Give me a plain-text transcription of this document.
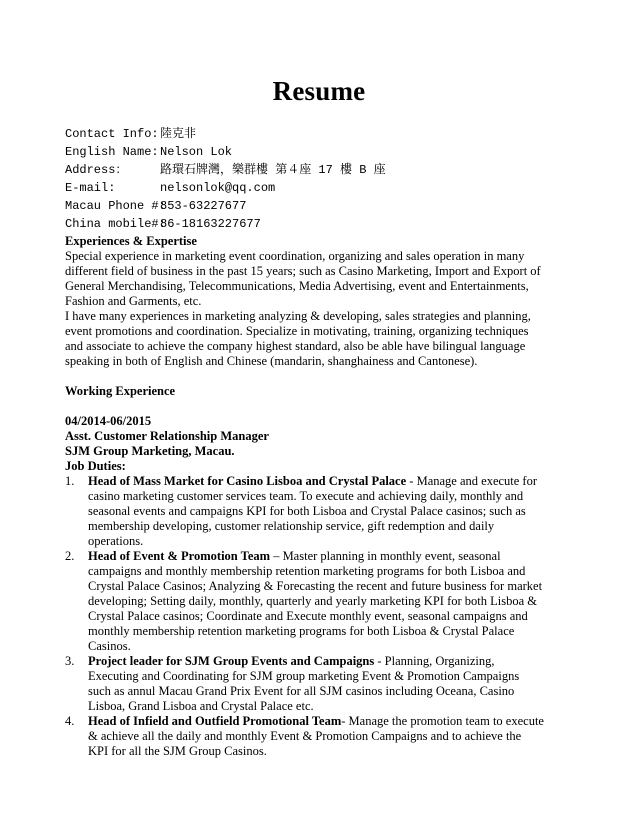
Resume
Contact Info:陸克非
English Name:Nelson Lok
Address：	路環石牌灣，樂群樓 第４座 17 樓 B 座
E-mail:	nelsonlok@qq.com
Macau Phone #:853-63227677
China mobile#:86-18163227677
Experiences & Expertise
Special experience in marketing event coordination, organizing and sales operation in many
different field of business in the past 15 years; such as Casino Marketing, Import and Export of
General Merchandising, Telecommunications, Media Advertising, event and Entertainments,
Fashion and Garments, etc.
I have many experiences in marketing analyzing & developing, sales strategies and planning,
event promotions and coordination. Specialize in motivating, training, organizing techniques
and associate to achieve the company highest standard, also be able have bilingual language
speaking in both of English and Chinese (mandarin, shanghainess and Cantonese).
Working Experience
04/2014-06/2015
Asst. Customer Relationship Manager
SJM Group Marketing, Macau.
Job Duties:
1. Head of Mass Market for Casino Lisboa and Crystal Palace - Manage and execute for
casino marketing customer services team. To execute and achieving daily, monthly and
seasonal events and campaigns KPI for both Lisboa and Crystal Palace casinos; such as
membership developing, customer relationship service, gift redemption and daily
operations.
2. Head of Event & Promotion Team – Master planning in monthly event, seasonal
campaigns and monthly membership retention marketing programs for both Lisboa and
Crystal Palace Casinos; Analyzing & Forecasting the recent and future business for market
developing; Setting daily, monthly, quarterly and yearly marketing KPI for both Lisboa &
Crystal Palace casinos; Coordinate and Execute monthly event, seasonal campaigns and
monthly membership retention marketing programs for both Lisboa & Crystal Palace
Casinos.
3. Project leader for SJM Group Events and Campaigns - Planning, Organizing,
Executing and Coordinating for SJM group marketing Event & Promotion Campaigns
such as annul Macau Grand Prix Event for all SJM casinos including Oceana, Casino
Lisboa, Grand Lisboa and Crystal Palace etc.
4. Head of Infield and Outfield Promotional Team- Manage the promotion team to execute
& achieve all the daily and monthly Event & Promotion Campaigns and to achieve the
KPI for all the SJM Group Casinos.
